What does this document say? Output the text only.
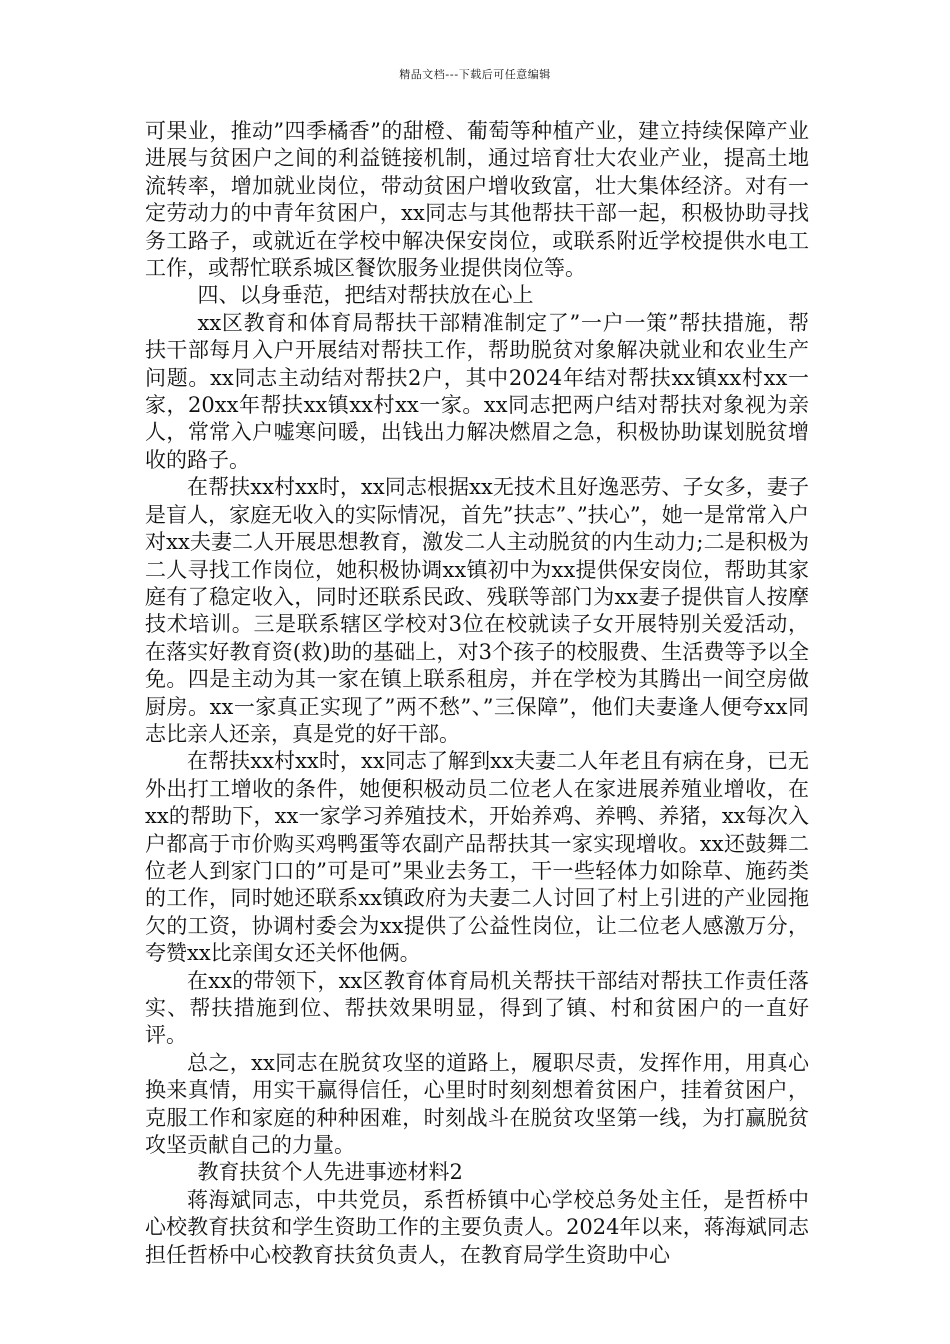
精品文档---下载后可任意编辑

可果业，推动”四季橘香”的甜橙、葡萄等种植产业，建立持续保障产业进展与贫困户之间的利益链接机制，通过培育壮大农业产业，提高土地流转率，增加就业岗位，带动贫困户增收致富，壮大集体经济。对有一定劳动力的中青年贫困户，xx同志与其他帮扶干部一起，积极协助寻找务工路子，或就近在学校中解决保安岗位，或联系附近学校提供水电工工作，或帮忙联系城区餐饮服务业提供岗位等。

四、以身垂范，把结对帮扶放在心上

xx区教育和体育局帮扶干部精准制定了”一户一策”帮扶措施，帮扶干部每月入户开展结对帮扶工作，帮助脱贫对象解决就业和农业生产问题。xx同志主动结对帮扶2户，其中2024年结对帮扶xx镇xx村xx一家，20xx年帮扶xx镇xx村xx一家。xx同志把两户结对帮扶对象视为亲人，常常入户嘘寒问暖，出钱出力解决燃眉之急，积极协助谋划脱贫增收的路子。

在帮扶xx村xx时，xx同志根据xx无技术且好逸恶劳、子女多，妻子是盲人，家庭无收入的实际情况，首先”扶志”、”扶心”，她一是常常入户对xx夫妻二人开展思想教育，激发二人主动脱贫的内生动力;二是积极为二人寻找工作岗位，她积极协调xx镇初中为xx提供保安岗位，帮助其家庭有了稳定收入，同时还联系民政、残联等部门为xx妻子提供盲人按摩技术培训。三是联系辖区学校对3位在校就读子女开展特别关爱活动，在落实好教育资(救)助的基础上，对3个孩子的校服费、生活费等予以全免。四是主动为其一家在镇上联系租房，并在学校为其腾出一间空房做厨房。xx一家真正实现了”两不愁”、”三保障”，他们夫妻逢人便夸xx同志比亲人还亲，真是党的好干部。

在帮扶xx村xx时，xx同志了解到xx夫妻二人年老且有病在身，已无外出打工增收的条件，她便积极动员二位老人在家进展养殖业增收，在xx的帮助下，xx一家学习养殖技术，开始养鸡、养鸭、养猪，xx每次入户都高于市价购买鸡鸭蛋等农副产品帮扶其一家实现增收。xx还鼓舞二位老人到家门口的”可是可”果业去务工，干一些轻体力如除草、施药类的工作，同时她还联系xx镇政府为夫妻二人讨回了村上引进的产业园拖欠的工资，协调村委会为xx提供了公益性岗位，让二位老人感激万分，夸赞xx比亲闺女还关怀他俩。

在xx的带领下，xx区教育体育局机关帮扶干部结对帮扶工作责任落实、帮扶措施到位、帮扶效果明显，得到了镇、村和贫困户的一直好评。

总之，xx同志在脱贫攻坚的道路上，履职尽责，发挥作用，用真心换来真情，用实干赢得信任，心里时时刻刻想着贫困户，挂着贫困户，克服工作和家庭的种种困难，时刻战斗在脱贫攻坚第一线，为打赢脱贫攻坚贡献自己的力量。

教育扶贫个人先进事迹材料2

蒋海斌同志，中共党员，系哲桥镇中心学校总务处主任，是哲桥中心校教育扶贫和学生资助工作的主要负责人。2024年以来，蒋海斌同志担任哲桥中心校教育扶贫负责人，在教育局学生资助中心
